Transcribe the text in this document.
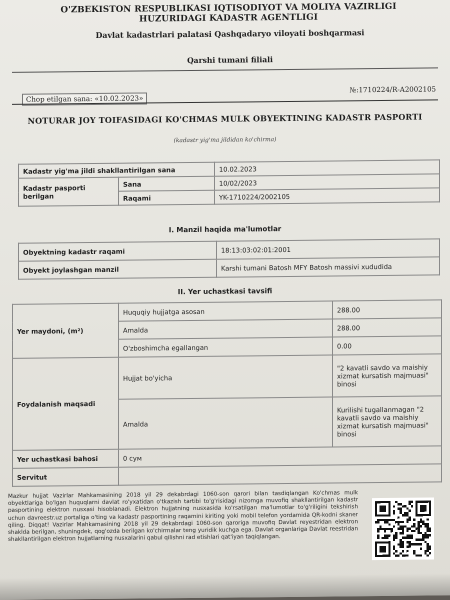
O'ZBEKISTON RESPUBLIKASI IQTISODIYOT VA MOLIYA VAZIRLIGI HUZURIDAGI KADASTR AGENTLIGI
Davlat kadastrlari palatasi Qashqadaryo viloyati boshqarmasi
Qarshi tumani filiali
Chop etilgan sana: «10.02.2023»
№:1710224/R-A2002105
NOTURAR JOY TOIFASIDAGI KO'CHMAS MULK OBYEKTINING KADASTR PASPORTI
(kadastr yig'ma jildidan ko'chirma)
Kadastr yig'ma jildi shakllantirilgan sana		10.02.2023
Kadastr pasporti berilgan	Sana	10/02/2023
	Raqami	YK-1710224/2002105
I. Manzil haqida ma'lumotlar
Obyektning kadastr raqami	18:13:03:02:01:2001
Obyekt joylashgan manzil	Karshi tumani Batosh MFY Batosh massivi xududida
II. Yer uchastkasi tavsifi
Yer maydoni, (m²)	Huquqiy hujjatga asosan	288.00
	Amalda	288.00
	O'zboshimcha egallangan	0.00
Foydalanish maqsadi	Hujjat bo'yicha	"2 kavatli savdo va maishiy xizmat kursatish majmuasi" binosi
	Amalda	Kurilishi tugallanmagan "2 kavatli savdo va maishiy xizmat kursatish majmuasi" binosi
Yer uchastkasi bahosi	0 сум	
Servitut		
Mazkur hujjat Vazirlar Mahkamasining 2018 yil 29 dekabrdagi 1060-son qarori bilan tasdiqlangan Ko'chmas mulk obyektlariga bo'lgan huquqlarni davlat ro'yxatidan o'tkazish tartibi to'g'risidagi nizomga muvofiq shakllantirilgan kadastr pasportining elektron nusxasi hisoblanadi. Elektron hujjatning nusxasida ko'rsatilgan ma'lumotlar to'g'riligini tekshirish uchun davreestr.uz portaliga o'ting va kadastr pasportining raqamini kiriting yoki mobil telefon yordamida QR-kodni skaner qiling. Diqqat! Vazirlar Mahkamasining 2018 yil 29 dekabrdagi 1060-son qaroriga muvofiq Davlat reyestridan elektron shaklda berilgan, shuningdek, qog'ozda berilgan ko'chirmalar teng yuridik kuchga ega. Davlat organlariga Davlat reestridan shakllantirilgan elektron hujjatlarning nusxalarini qabul qilishni rad etishlari qat'iyan taqiqlangan.
